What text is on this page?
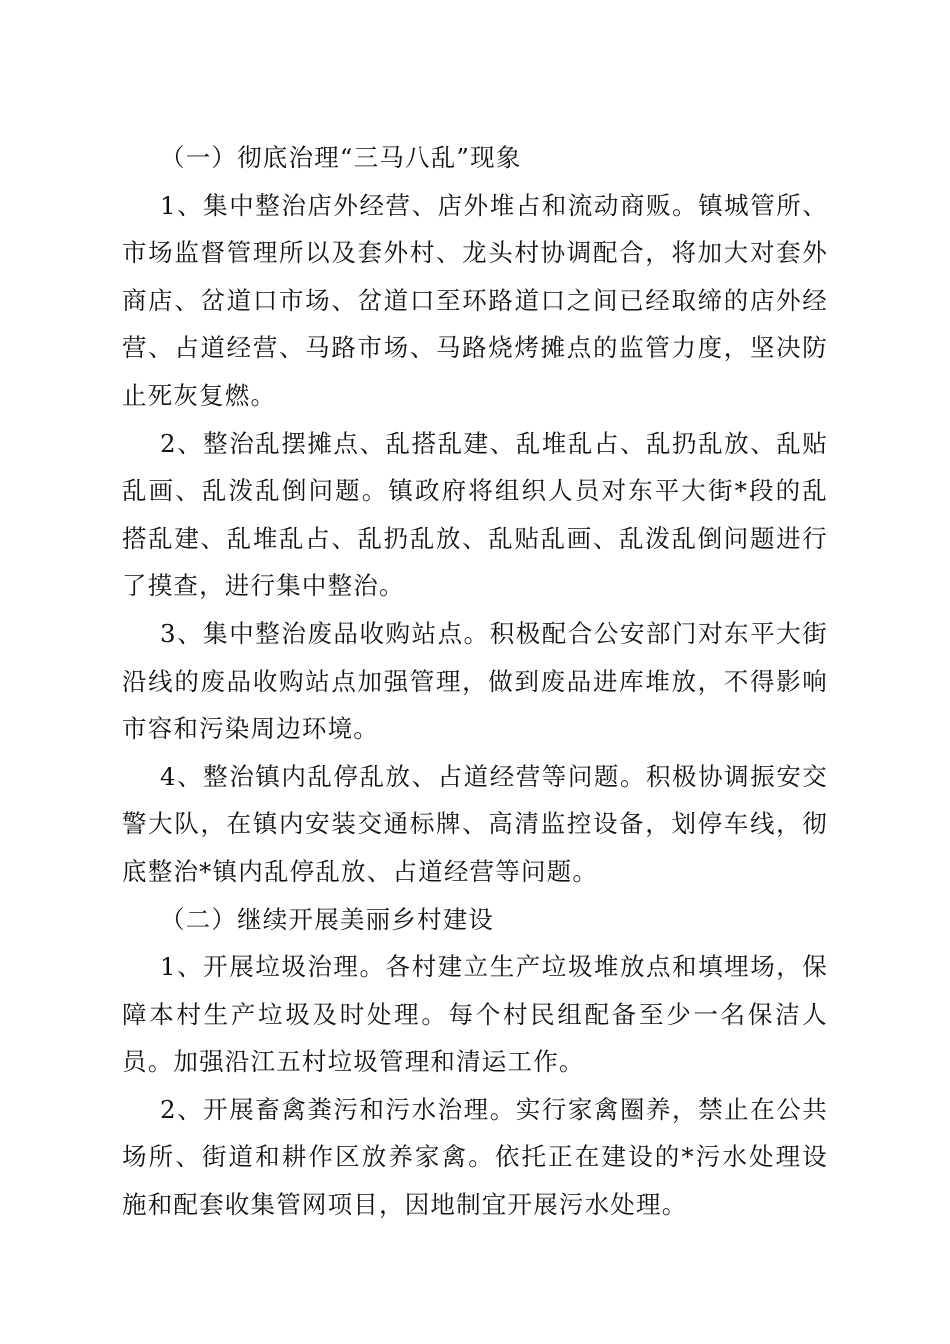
（一）彻底治理“三马八乱”现象

1、集中整治店外经营、店外堆占和流动商贩。镇城管所、市场监督管理所以及套外村、龙头村协调配合，将加大对套外商店、岔道口市场、岔道口至环路道口之间已经取缔的店外经营、占道经营、马路市场、马路烧烤摊点的监管力度，坚决防止死灰复燃。

2、整治乱摆摊点、乱搭乱建、乱堆乱占、乱扔乱放、乱贴乱画、乱泼乱倒问题。镇政府将组织人员对东平大街*段的乱搭乱建、乱堆乱占、乱扔乱放、乱贴乱画、乱泼乱倒问题进行了摸查，进行集中整治。

3、集中整治废品收购站点。积极配合公安部门对东平大街沿线的废品收购站点加强管理，做到废品进库堆放，不得影响市容和污染周边环境。

4、整治镇内乱停乱放、占道经营等问题。积极协调振安交警大队，在镇内安装交通标牌、高清监控设备，划停车线，彻底整治*镇内乱停乱放、占道经营等问题。

（二）继续开展美丽乡村建设

1、开展垃圾治理。各村建立生产垃圾堆放点和填埋场，保障本村生产垃圾及时处理。每个村民组配备至少一名保洁人员。加强沿江五村垃圾管理和清运工作。

2、开展畜禽粪污和污水治理。实行家禽圈养，禁止在公共场所、街道和耕作区放养家禽。依托正在建设的*污水处理设施和配套收集管网项目，因地制宜开展污水处理。
